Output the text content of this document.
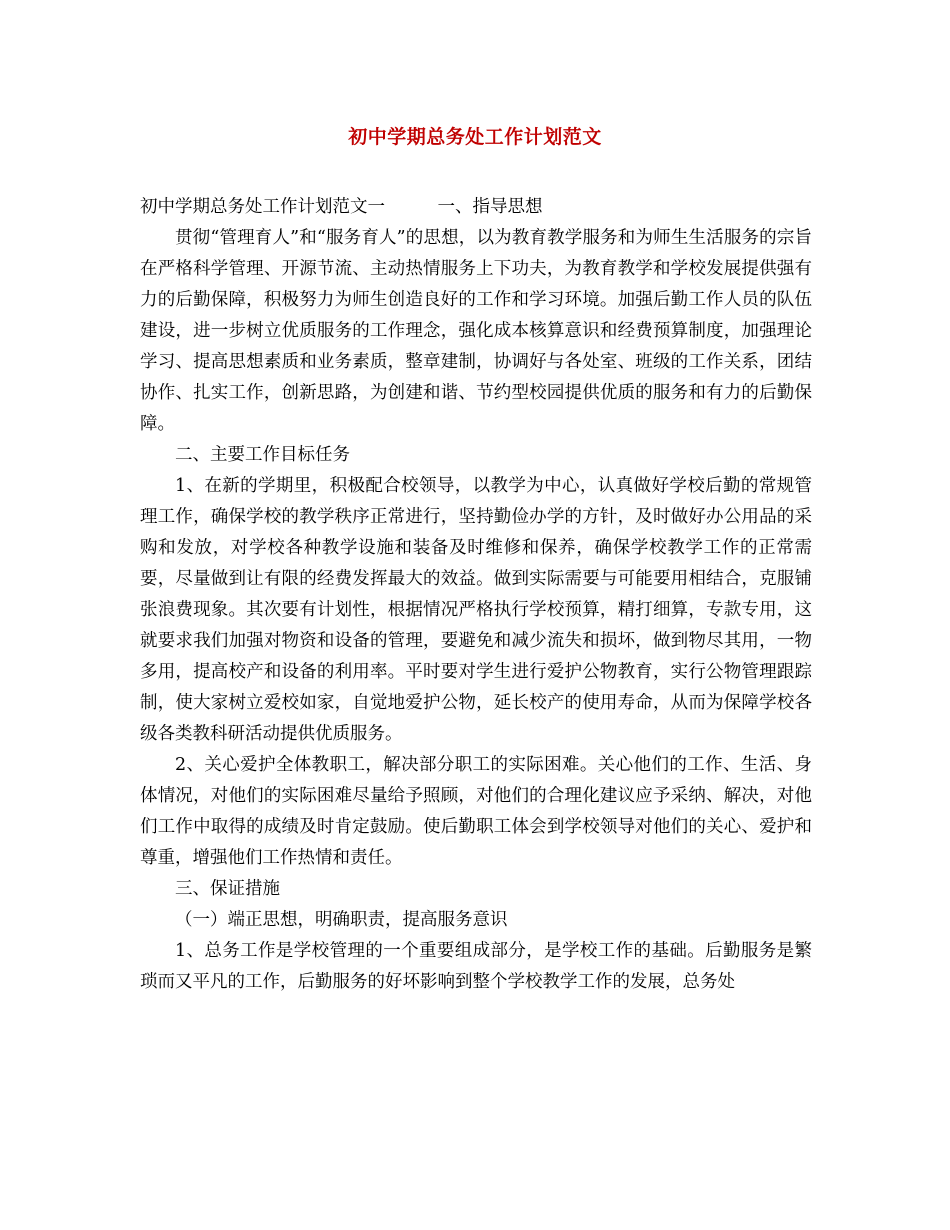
初中学期总务处工作计划范文

初中学期总务处工作计划范文一　　　一、指导思想

贯彻“管理育人”和“服务育人”的思想，以为教育教学服务和为师生生活服务的宗旨在严格科学管理、开源节流、主动热情服务上下功夫，为教育教学和学校发展提供强有力的后勤保障，积极努力为师生创造良好的工作和学习环境。加强后勤工作人员的队伍建设，进一步树立优质服务的工作理念，强化成本核算意识和经费预算制度，加强理论学习、提高思想素质和业务素质，整章建制，协调好与各处室、班级的工作关系，团结协作、扎实工作，创新思路，为创建和谐、节约型校园提供优质的服务和有力的后勤保障。

二、主要工作目标任务

1、在新的学期里，积极配合校领导，以教学为中心，认真做好学校后勤的常规管理工作，确保学校的教学秩序正常进行，坚持勤俭办学的方针，及时做好办公用品的采购和发放，对学校各种教学设施和装备及时维修和保养，确保学校教学工作的正常需要，尽量做到让有限的经费发挥最大的效益。做到实际需要与可能要用相结合，克服铺张浪费现象。其次要有计划性，根据情况严格执行学校预算，精打细算，专款专用，这就要求我们加强对物资和设备的管理，要避免和减少流失和损坏，做到物尽其用，一物多用，提高校产和设备的利用率。平时要对学生进行爱护公物教育，实行公物管理跟踪制，使大家树立爱校如家，自觉地爱护公物，延长校产的使用寿命，从而为保障学校各级各类教科研活动提供优质服务。

2、关心爱护全体教职工，解决部分职工的实际困难。关心他们的工作、生活、身体情况，对他们的实际困难尽量给予照顾，对他们的合理化建议应予采纳、解决，对他们工作中取得的成绩及时肯定鼓励。使后勤职工体会到学校领导对他们的关心、爱护和尊重，增强他们工作热情和责任。

三、保证措施

（一）端正思想，明确职责，提高服务意识

1、总务工作是学校管理的一个重要组成部分，是学校工作的基础。后勤服务是繁琐而又平凡的工作，后勤服务的好坏影响到整个学校教学工作的发展，总务处
